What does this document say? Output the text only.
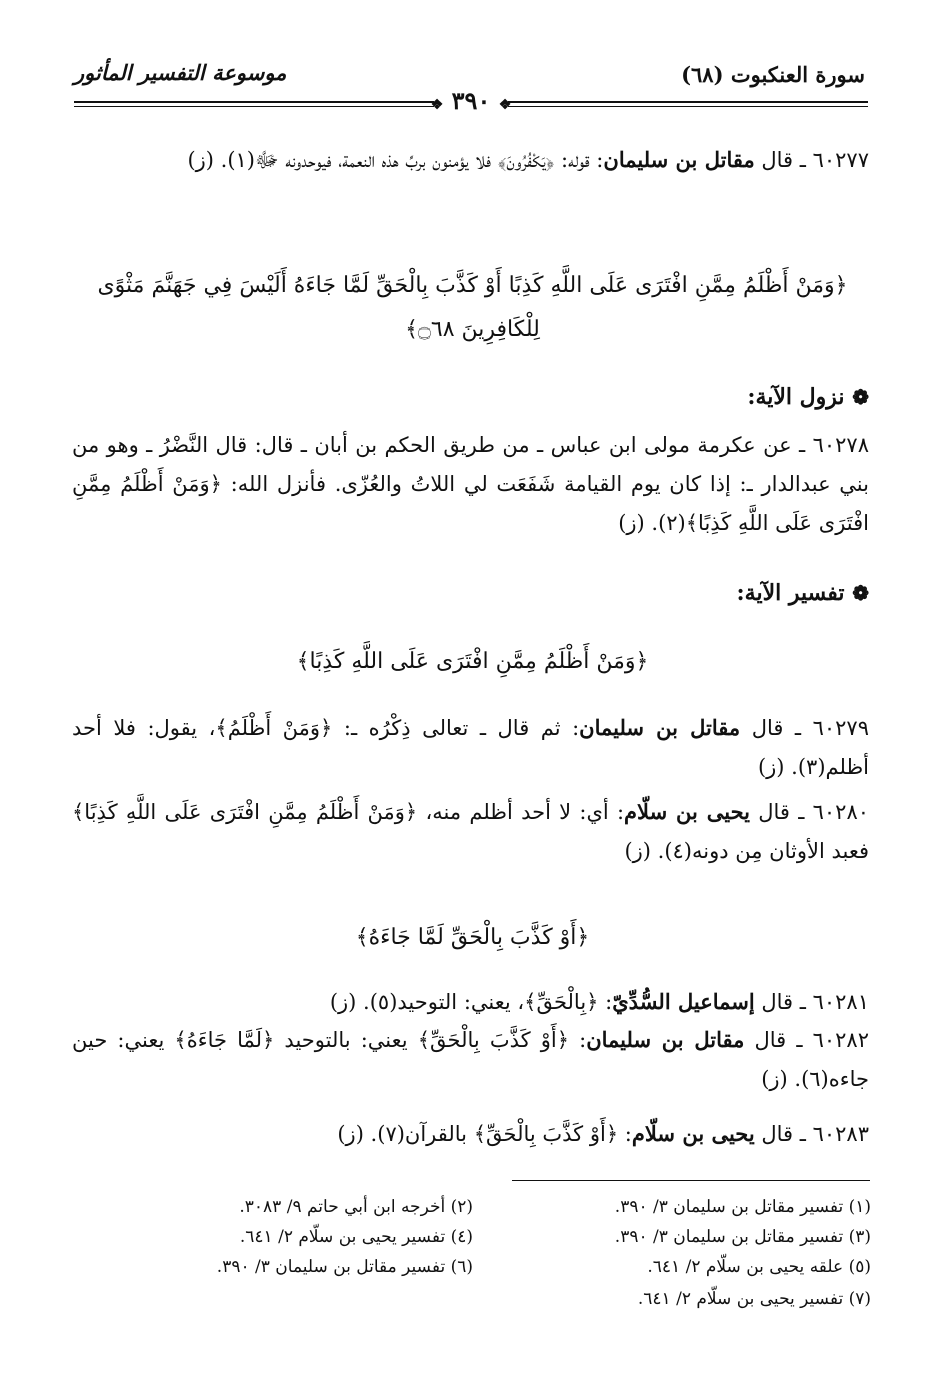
سورة العنكبوت (٦٨)
موسوعة التفسير المأثور
❖ ٣٩٠ ❖
٦٠٢٧٧ ـ قال مقاتل بن سليمان: قوله: ﴿يَكْفُرُونَ﴾ فلا يؤمنون بربِّ هذه النعمة، فيوحدونه ﷻ(١). (ز)
﴿وَمَنْ أَظْلَمُ مِمَّنِ افْتَرَى عَلَى اللَّهِ كَذِبًا أَوْ كَذَّبَ بِالْحَقِّ لَمَّا جَاءَهُ أَلَيْسَ فِي جَهَنَّمَ مَثْوًى لِلْكَافِرِينَ ۝٦٨﴾
❁ نزول الآية:
٦٠٢٧٨ ـ عن عكرمة مولى ابن عباس ـ من طريق الحكم بن أبان ـ قال: قال النَّضْرُ ـ وهو من بني عبدالدار ـ: إذا كان يوم القيامة شَفَعَت لي اللاتُ والعُزّى. فأنزل الله: ﴿وَمَنْ أَظْلَمُ مِمَّنِ افْتَرَى عَلَى اللَّهِ كَذِبًا﴾(٢). (ز)
❁ تفسير الآية:
﴿وَمَنْ أَظْلَمُ مِمَّنِ افْتَرَى عَلَى اللَّهِ كَذِبًا﴾
٦٠٢٧٩ ـ قال مقاتل بن سليمان: ثم قال ـ تعالى ذِكْرُه ـ: ﴿وَمَنْ أَظْلَمُ﴾، يقول: فلا أحد أظلم(٣). (ز)
٦٠٢٨٠ ـ قال يحيى بن سلّام: أي: لا أحد أظلم منه، ﴿وَمَنْ أَظْلَمُ مِمَّنِ افْتَرَى عَلَى اللَّهِ كَذِبًا﴾ فعبد الأوثان مِن دونه(٤). (ز)
﴿أَوْ كَذَّبَ بِالْحَقِّ لَمَّا جَاءَهُ﴾
٦٠٢٨١ ـ قال إسماعيل السُّدِّيّ: ﴿بِالْحَقِّ﴾، يعني: التوحيد(٥). (ز)
٦٠٢٨٢ ـ قال مقاتل بن سليمان: ﴿أَوْ كَذَّبَ بِالْحَقِّ﴾ يعني: بالتوحيد ﴿لَمَّا جَاءَهُ﴾ يعني: حين جاءه(٦). (ز)
٦٠٢٨٣ ـ قال يحيى بن سلّام: ﴿أَوْ كَذَّبَ بِالْحَقِّ﴾ بالقرآن(٧). (ز)
(١) تفسير مقاتل بن سليمان ٣/ ٣٩٠.
(٢) أخرجه ابن أبي حاتم ٩/ ٣٠٨٣.
(٣) تفسير مقاتل بن سليمان ٣/ ٣٩٠.
(٤) تفسير يحيى بن سلّام ٢/ ٦٤١.
(٥) علقه يحيى بن سلّام ٢/ ٦٤١.
(٦) تفسير مقاتل بن سليمان ٣/ ٣٩٠.
(٧) تفسير يحيى بن سلّام ٢/ ٦٤١.
